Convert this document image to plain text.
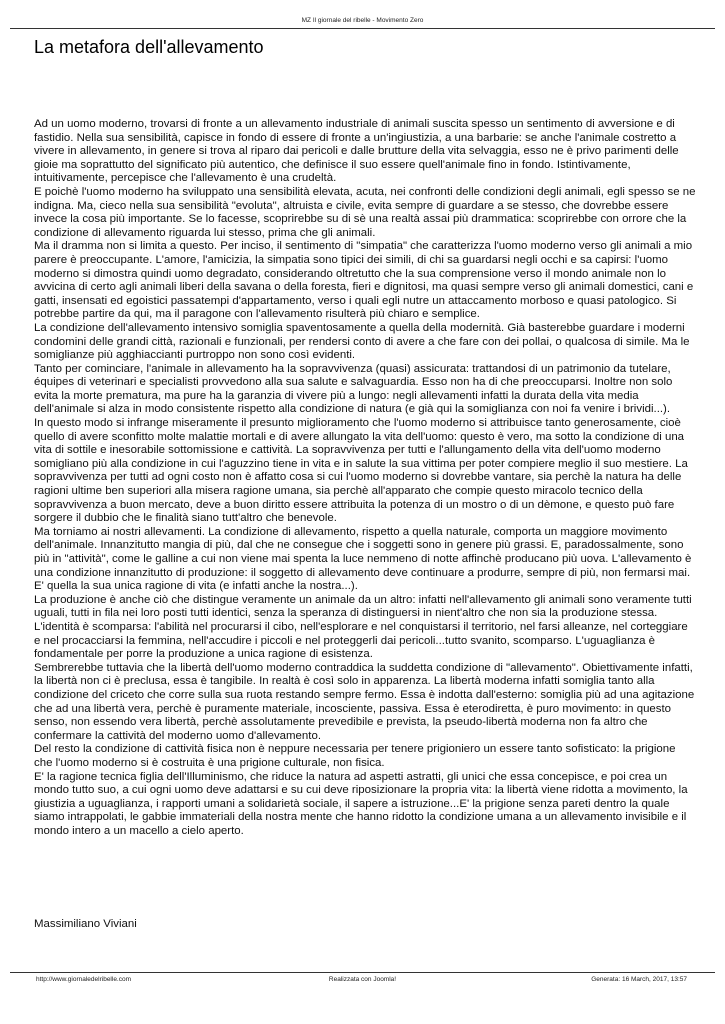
MZ Il giornale del ribelle - Movimento Zero
La metafora dell'allevamento

Ad un uomo moderno, trovarsi di fronte a un allevamento industriale di animali suscita spesso un sentimento di avversione e di fastidio. Nella sua sensibilità, capisce in fondo di essere di fronte a un'ingiustizia, a una barbarie: se anche l'animale costretto a vivere in allevamento, in genere si trova al riparo dai pericoli e dalle brutture della vita selvaggia, esso ne è privo parimenti delle gioie ma soprattutto del significato più autentico, che definisce il suo essere quell'animale fino in fondo. Istintivamente, intuitivamente, percepisce che l'allevamento è una crudeltà.

E poichè l'uomo moderno ha sviluppato una sensibilità elevata, acuta, nei confronti delle condizioni degli animali, egli spesso se ne indigna. Ma, cieco nella sua sensibilità "evoluta", altruista e civile, evita sempre di guardare a se stesso, che dovrebbe essere invece la cosa più importante. Se lo facesse, scoprirebbe su di sè una realtà assai più drammatica: scoprirebbe con orrore che la condizione di allevamento riguarda lui stesso, prima che gli animali.

Ma il dramma non si limita a questo. Per inciso, il sentimento di "simpatia" che caratterizza l'uomo moderno verso gli animali a mio parere è preoccupante. L'amore, l'amicizia, la simpatia sono tipici dei simili, di chi sa guardarsi negli occhi e sa capirsi: l'uomo moderno si dimostra quindi uomo degradato, considerando oltretutto che la sua comprensione verso il mondo animale non lo avvicina di certo agli animali liberi della savana o della foresta, fieri e dignitosi, ma quasi sempre verso gli animali domestici, cani e gatti, insensati ed egoistici passatempi d'appartamento, verso i quali egli nutre un attaccamento morboso e quasi patologico. Si potrebbe partire da qui, ma il paragone con l'allevamento risulterà più chiaro e semplice.

La condizione dell'allevamento intensivo somiglia spaventosamente a quella della modernità. Già basterebbe guardare i moderni condomini delle grandi città, razionali e funzionali, per rendersi conto di avere a che fare con dei pollai, o qualcosa di simile. Ma le somiglianze più agghiaccianti purtroppo non sono così evidenti.

Tanto per cominciare, l'animale in allevamento ha la sopravvivenza (quasi) assicurata: trattandosi di un patrimonio da tutelare, équipes di veterinari e specialisti provvedono alla sua salute e salvaguardia. Esso non ha di che preoccuparsi. Inoltre non solo evita la morte prematura, ma pure ha la garanzia di vivere più a lungo: negli allevamenti infatti la durata della vita media dell'animale si alza in modo consistente rispetto alla condizione di natura (e già qui la somiglianza con noi fa venire i brividi...).

In questo modo si infrange miseramente il presunto miglioramento che l'uomo moderno si attribuisce tanto generosamente, cioè quello di avere sconfitto molte malattie mortali e di avere allungato la vita dell'uomo: questo è vero, ma sotto la condizione di una vita di sottile e inesorabile sottomissione e cattività. La sopravvivenza per tutti e l'allungamento della vita dell'uomo moderno somigliano più alla condizione in cui l'aguzzino tiene in vita e in salute la sua vittima per poter compiere meglio il suo mestiere. La sopravvivenza per tutti ad ogni costo non è affatto cosa si cui l'uomo moderno si dovrebbe vantare, sia perchè la natura ha delle ragioni ultime ben superiori alla misera ragione umana, sia perchè all'apparato che compie questo miracolo tecnico della sopravvivenza a buon mercato, deve a buon diritto essere attribuita la potenza di un mostro o di un dèmone, e questo può fare sorgere il dubbio che le finalità siano tutt'altro che benevole.

Ma torniamo ai nostri allevamenti. La condizione di allevamento, rispetto a quella naturale, comporta un maggiore movimento dell'animale. Innanzitutto mangia di più, dal che ne consegue che i soggetti sono in genere più grassi. E, paradossalmente, sono più in "attività", come le galline a cui non viene mai spenta la luce nemmeno di notte affinchè producano più uova. L'allevamento è una condizione innanzitutto di produzione: il soggetto di allevamento deve continuare a produrre, sempre di più, non fermarsi mai. E' quella la sua unica ragione di vita (e infatti anche la nostra...).

La produzione è anche ciò che distingue veramente un animale da un altro: infatti nell'allevamento gli animali sono veramente tutti uguali, tutti in fila nei loro posti tutti identici, senza la speranza di distinguersi in nient'altro che non sia la produzione stessa. L'identità è scomparsa: l'abilità nel procurarsi il cibo, nell'esplorare e nel conquistarsi il territorio, nel farsi alleanze, nel corteggiare e nel procacciarsi la femmina, nell'accudire i piccoli e nel proteggerli dai pericoli...tutto svanito, scomparso. L'uguaglianza è fondamentale per porre la produzione a unica ragione di esistenza.

Sembrerebbe tuttavia che la libertà dell'uomo moderno contraddica la suddetta condizione di "allevamento". Obiettivamente infatti, la libertà non ci è preclusa, essa è tangibile. In realtà è così solo in apparenza. La libertà moderna infatti somiglia tanto alla condizione del criceto che corre sulla sua ruota restando sempre fermo. Essa è indotta dall'esterno: somiglia più ad una agitazione che ad una libertà vera, perchè è puramente materiale, incosciente, passiva. Essa è eterodiretta, è puro movimento: in questo senso, non essendo vera libertà, perchè assolutamente prevedibile e prevista, la pseudo-libertà moderna non fa altro che confermare la cattività del moderno uomo d'allevamento.

Del resto la condizione di cattività fisica non è neppure necessaria per tenere prigioniero un essere tanto sofisticato: la prigione che l'uomo moderno si è costruita è una prigione culturale, non fisica.

E' la ragione tecnica figlia dell'Illuminismo, che riduce la natura ad aspetti astratti, gli unici che essa concepisce, e poi crea un mondo tutto suo, a cui ogni uomo deve adattarsi e su cui deve riposizionare la propria vita: la libertà viene ridotta a movimento, la giustizia a uguaglianza, i rapporti umani a solidarietà sociale, il sapere a istruzione...E' la prigione senza pareti dentro la quale siamo intrappolati, le gabbie immateriali della nostra mente che hanno ridotto la condizione umana a un allevamento invisibile e il mondo intero a un macello a cielo aperto.

Massimiliano Viviani
http://www.giornaledelribelle.com	Realizzata con Joomla!	Generata: 16 March, 2017, 13:57
